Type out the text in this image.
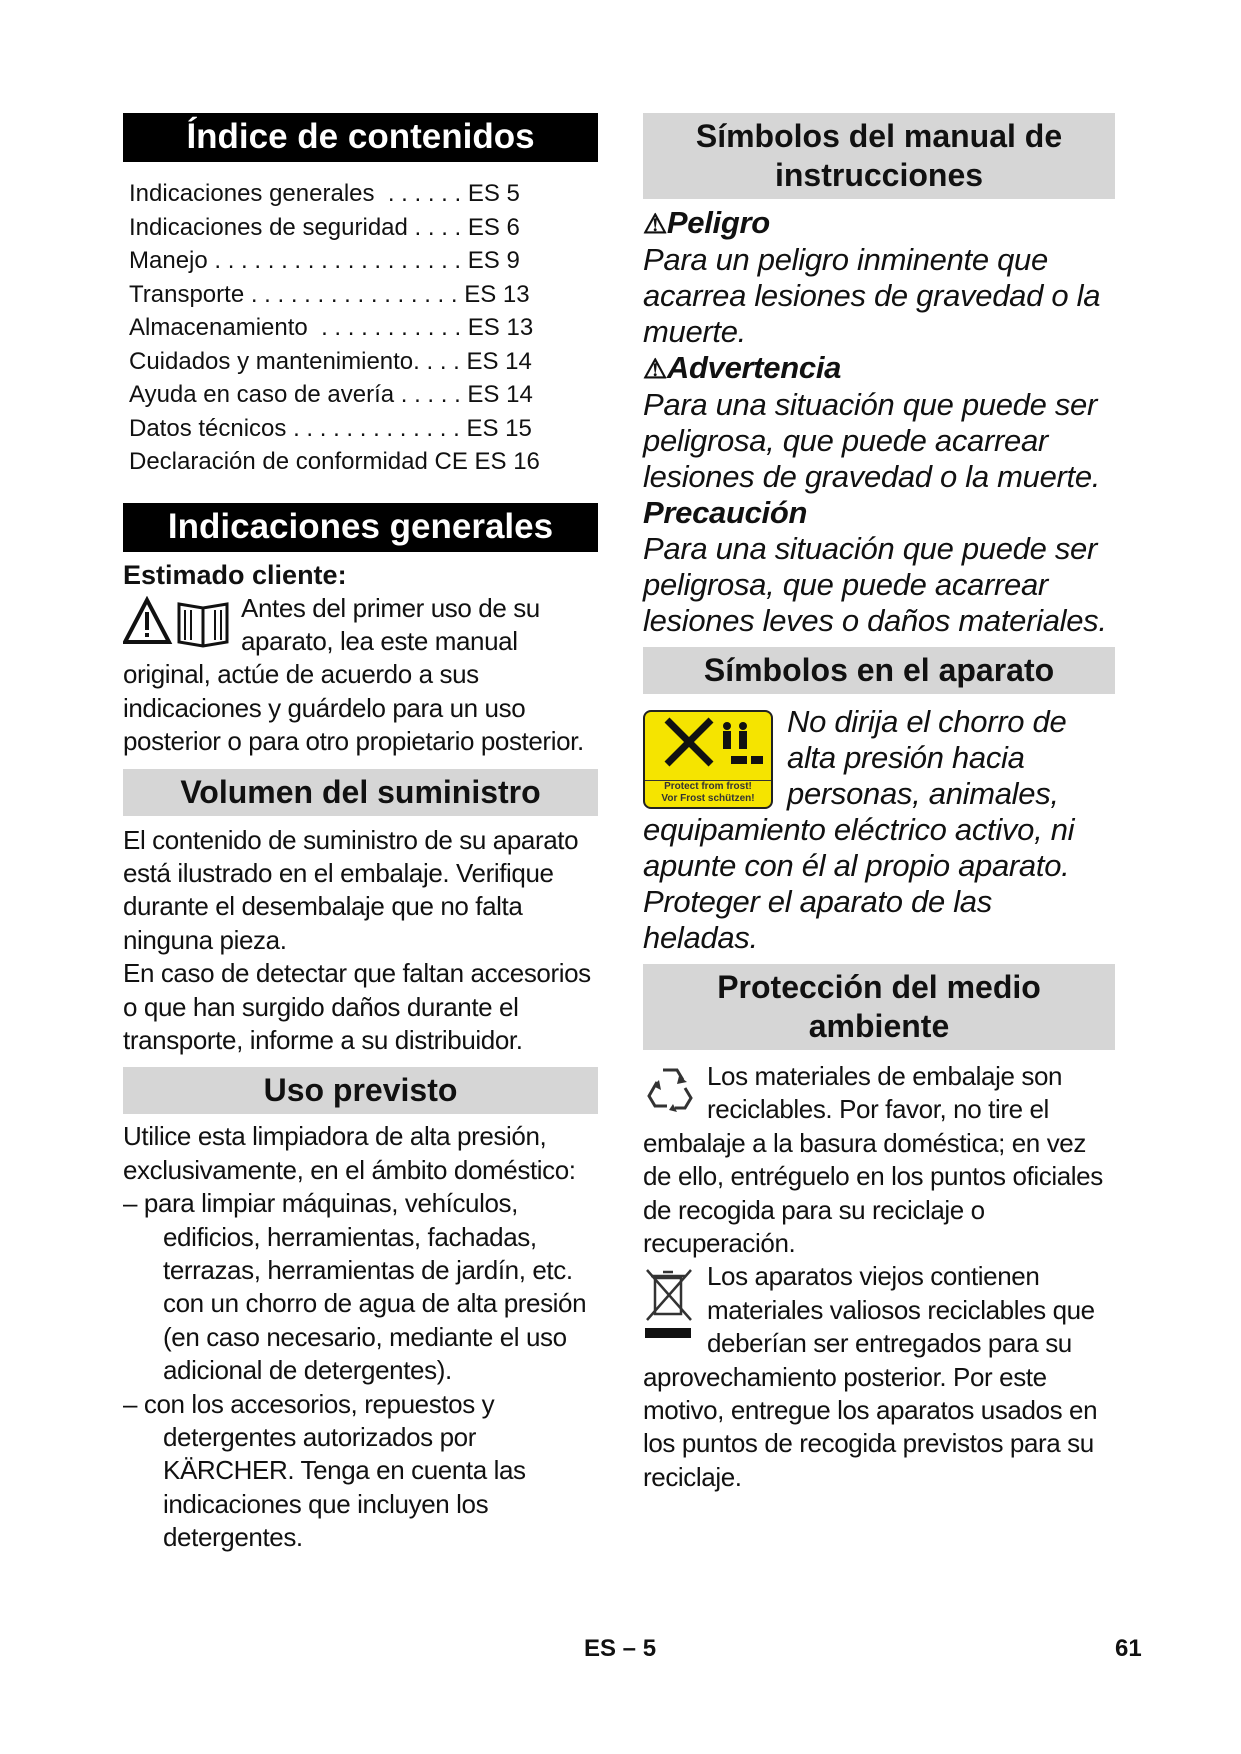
Índice de contenidos
Indicaciones generales  . . . . . . ES 5
Indicaciones de seguridad . . . . ES 6
Manejo . . . . . . . . . . . . . . . . . . . ES 9
Transporte . . . . . . . . . . . . . . . . ES 13
Almacenamiento  . . . . . . . . . . . ES 13
Cuidados y mantenimiento. . . . ES 14
Ayuda en caso de avería . . . . . ES 14
Datos técnicos . . . . . . . . . . . . . ES 15
Declaración de conformidad CE ES 16
Indicaciones generales
Estimado cliente:

Antes del primer uso de su aparato, lea este manual original, actúe de acuerdo a sus indicaciones y guárdelo para un uso posterior o para otro propietario posterior.

Volumen del suministro

El contenido de suministro de su aparato está ilustrado en el embalaje. Verifique durante el desembalaje que no falta ninguna pieza.

En caso de detectar que faltan accesorios o que han surgido daños durante el transporte, informe a su distribuidor.

Uso previsto

Utilice esta limpiadora de alta presión, exclusivamente, en el ámbito doméstico:

– para limpiar máquinas, vehículos, edificios, herramientas, fachadas, terrazas, herramientas de jardín, etc. con un chorro de agua de alta presión (en caso necesario, mediante el uso adicional de detergentes).

– con los accesorios, repuestos y detergentes autorizados por KÄRCHER. Tenga en cuenta las indicaciones que incluyen los detergentes.

Símbolos del manual de instrucciones
⚠Peligro

Para un peligro inminente que acarrea lesiones de gravedad o la muerte.

⚠Advertencia

Para una situación que puede ser peligrosa, que puede acarrear lesiones de gravedad o la muerte.

Precaución

Para una situación que puede ser peligrosa, que puede acarrear lesiones leves o daños materiales.

Símbolos en el aparato
Protect from frost!
Vor Frost schützen!

No dirija el chorro de alta presión hacia personas, animales, equipamiento eléctrico activo, ni apunte con él al propio aparato. Proteger el aparato de las heladas.

Protección del medio ambiente

Los materiales de embalaje son reciclables. Por favor, no tire el embalaje a la basura doméstica; en vez de ello, entréguelo en los puntos oficiales de recogida para su reciclaje o recuperación.

Los aparatos viejos contienen materiales valiosos reciclables que deberían ser entregados para su aprovechamiento posterior. Por este motivo, entregue los aparatos usados en los puntos de recogida previstos para su reciclaje.

ES – 5	61
